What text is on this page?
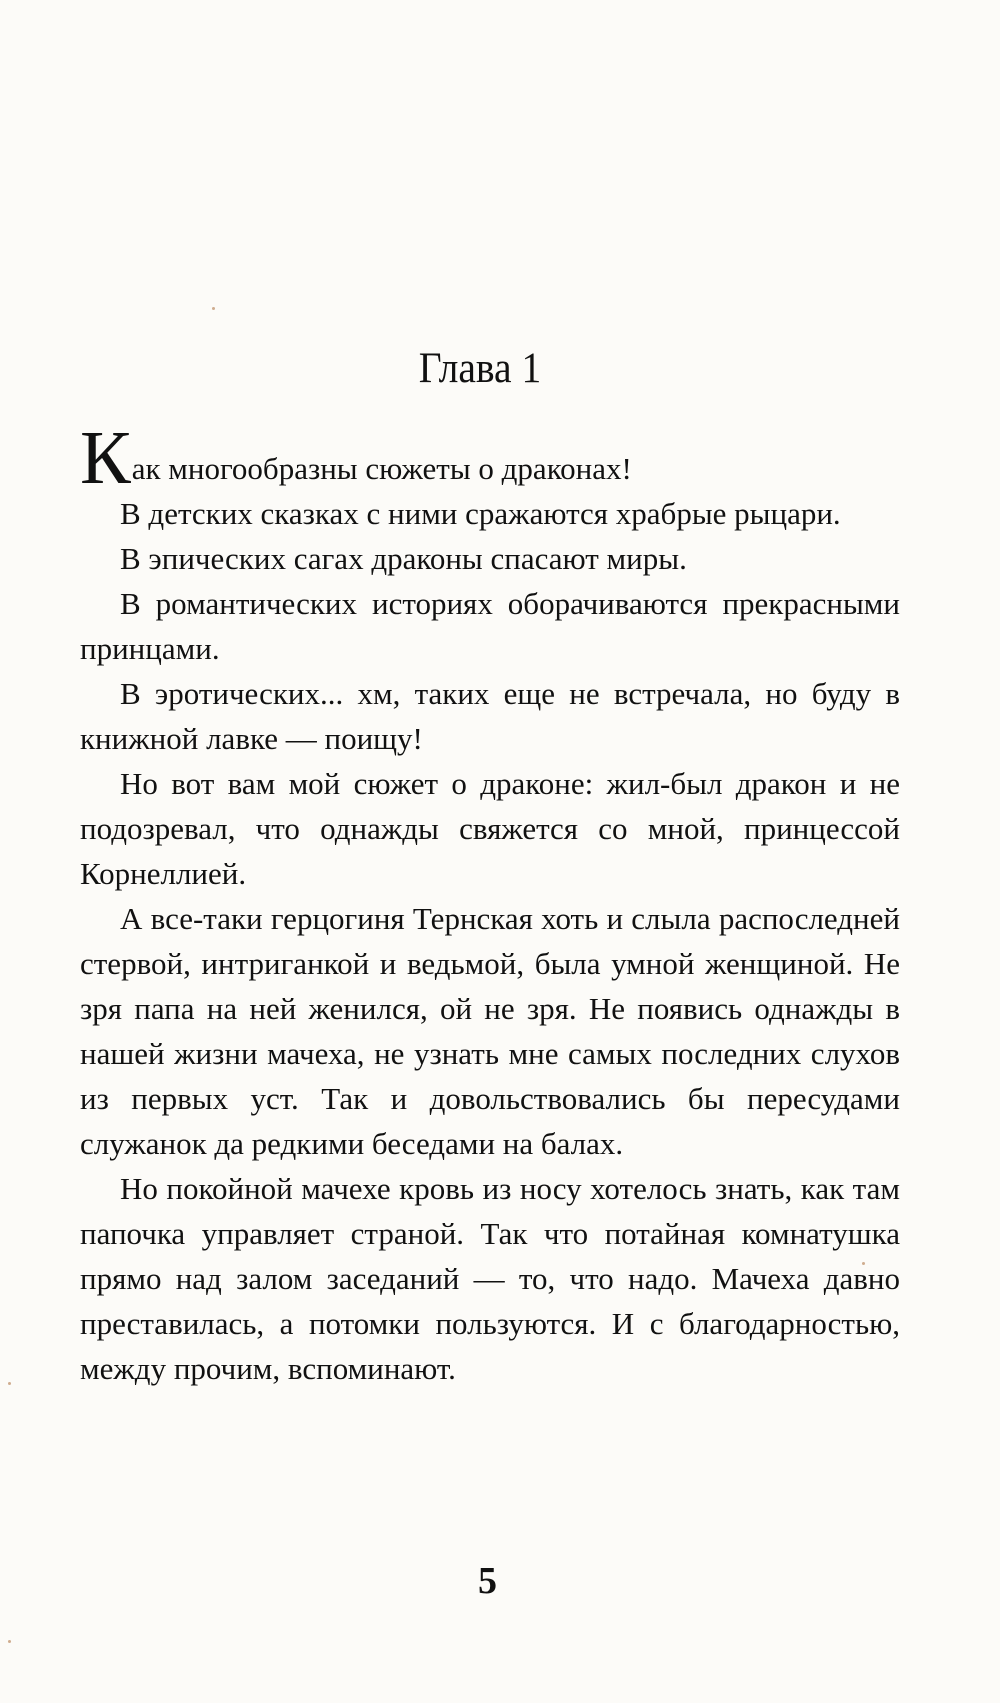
Глава 1

Как многообразны сюжеты о драконах!

В детских сказках с ними сражаются храбрые рыцари.

В эпических сагах драконы спасают миры.

В романтических историях оборачиваются прекрасными принцами.

В эротических... хм, таких еще не встречала, но буду в книжной лавке — поищу!

Но вот вам мой сюжет о драконе: жил-был дракон и не подозревал, что однажды свяжется со мной, принцессой Корнеллией.

А все-таки герцогиня Тернская хоть и слыла распоследней стервой, интриганкой и ведьмой, была умной женщиной. Не зря папа на ней женился, ой не зря. Не появись однажды в нашей жизни мачеха, не узнать мне самых последних слухов из первых уст. Так и довольствовались бы пересудами служанок да редкими беседами на балах.

Но покойной мачехе кровь из носу хотелось знать, как там папочка управляет страной. Так что потайная комнатушка прямо над залом заседаний — то, что надо. Мачеха давно преставилась, а потомки пользуются. И с благодарностью, между прочим, вспоминают.

5
